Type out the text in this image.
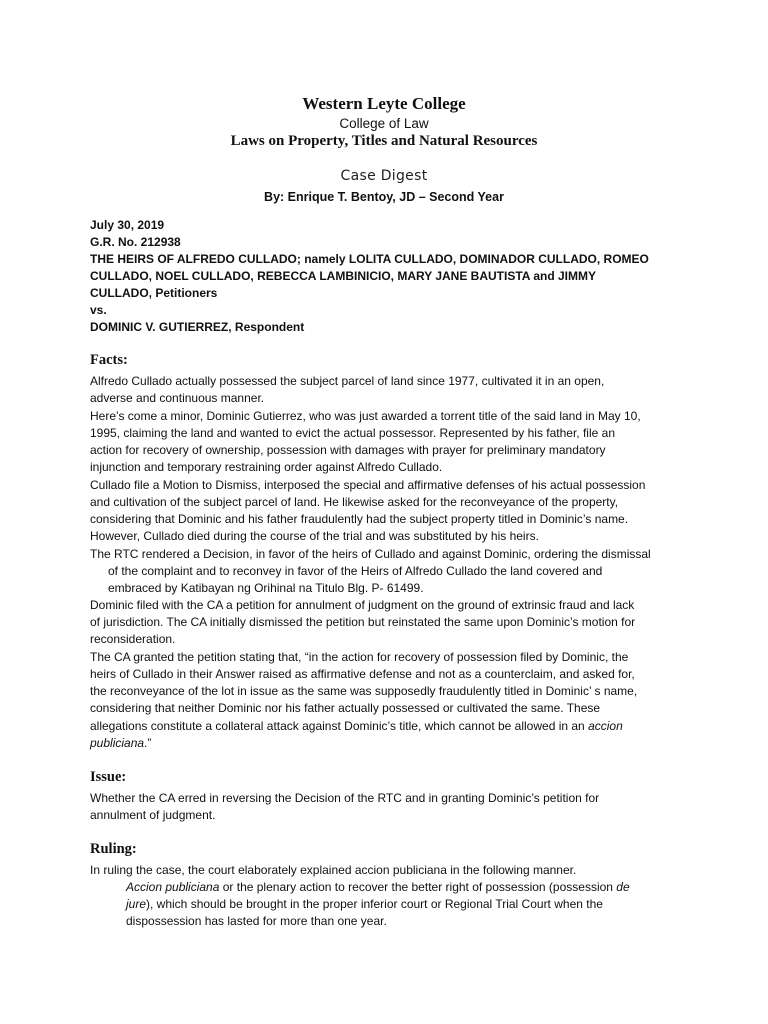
Western Leyte College
College of Law
Laws on Property, Titles and Natural Resources
Case Digest
By: Enrique T. Bentoy, JD – Second Year
July 30, 2019
G.R. No. 212938
THE HEIRS OF ALFREDO CULLADO; namely LOLITA CULLADO, DOMINADOR CULLADO, ROMEO
CULLADO, NOEL CULLADO, REBECCA LAMBINICIO, MARY JANE BAUTISTA and JIMMY
CULLADO, Petitioners
vs.
DOMINIC V. GUTIERREZ, Respondent
Facts:
Alfredo Cullado actually possessed the subject parcel of land since 1977, cultivated it in an open,
adverse and continuous manner.
Here’s come a minor, Dominic Gutierrez, who was just awarded a torrent title of the said land in May 10,
1995, claiming the land and wanted to evict the actual possessor. Represented by his father, file an
action for recovery of ownership, possession with damages with prayer for preliminary mandatory
injunction and temporary restraining order against Alfredo Cullado.
Cullado file a Motion to Dismiss, interposed the special and affirmative defenses of his actual possession
and cultivation of the subject parcel of land. He likewise asked for the reconveyance of the property,
considering that Dominic and his father fraudulently had the subject property titled in Dominic’s name.
However, Cullado died during the course of the trial and was substituted by his heirs.
The RTC rendered a Decision, in favor of the heirs of Cullado and against Dominic, ordering the dismissal
of the complaint and to reconvey in favor of the Heirs of Alfredo Cullado the land covered and
embraced by Katibayan ng Orihinal na Titulo Blg. P- 61499.
Dominic filed with the CA a petition for annulment of judgment on the ground of extrinsic fraud and lack
of jurisdiction. The CA initially dismissed the petition but reinstated the same upon Dominic’s motion for
reconsideration.
The CA granted the petition stating that, “in the action for recovery of possession filed by Dominic, the
heirs of Cullado in their Answer raised as affirmative defense and not as a counterclaim, and asked for,
the reconveyance of the lot in issue as the same was supposedly fraudulently titled in Dominic’ s name,
considering that neither Dominic nor his father actually possessed or cultivated the same. These
allegations constitute a collateral attack against Dominic’s title, which cannot be allowed in an accion
publiciana.”
Issue:
Whether the CA erred in reversing the Decision of the RTC and in granting Dominic’s petition for
annulment of judgment.
Ruling:
In ruling the case, the court elaborately explained accion publiciana in the following manner.
Accion publiciana or the plenary action to recover the better right of possession (possession de
jure), which should be brought in the proper inferior court or Regional Trial Court when the
dispossession has lasted for more than one year.
